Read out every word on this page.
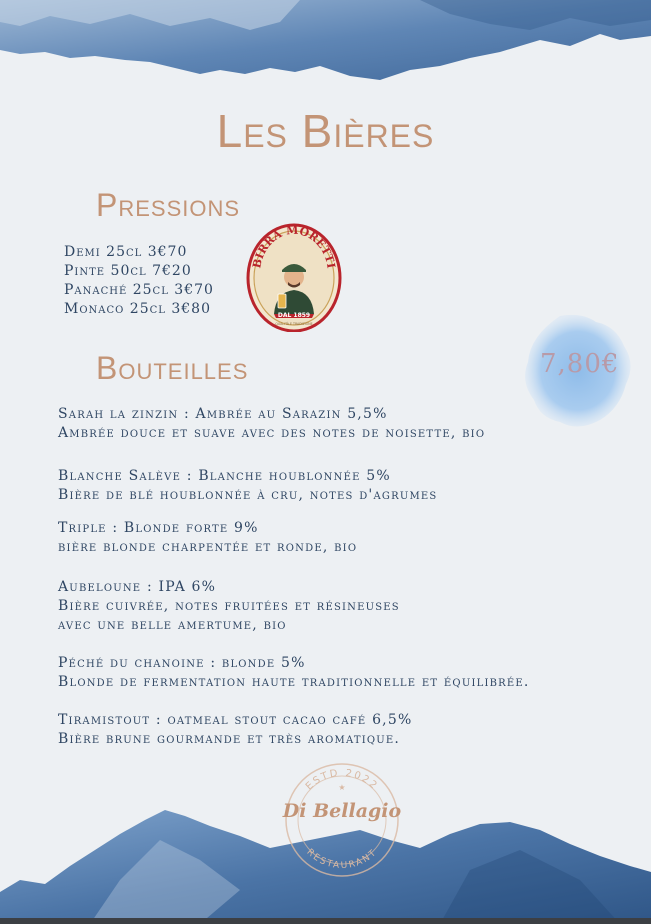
Les Bières
Pressions
Demi 25cl 3€70
Pinte 50cl 7€20
Panaché 25cl 3€70
Monaco 25cl 3€80
BIRRA MORETTI
DAL 1859
QUALITÀ E TRADIZIONE
Bouteilles	7,80€
Sarah la zinzin : Ambrée au Sarazin 5,5%
Ambrée douce et suave avec des notes de noisette, bio
Blanche Salève : Blanche houblonnée 5%
Bière de blé houblonnée à cru, notes d'agrumes
Triple : Blonde forte 9%
bière blonde charpentée et ronde, bio
Aubeloune : IPA 6%
Bière cuivrée, notes fruitées et résineuses
avec une belle amertume, bio
Péché du chanoine : blonde 5%
Blonde de fermentation haute traditionnelle et équilibrée.
Tiramistout : oatmeal stout cacao café 6,5%
Bière brune gourmande et très aromatique.
ESTD 2022
RESTAURANT
★
Di Bellagio
